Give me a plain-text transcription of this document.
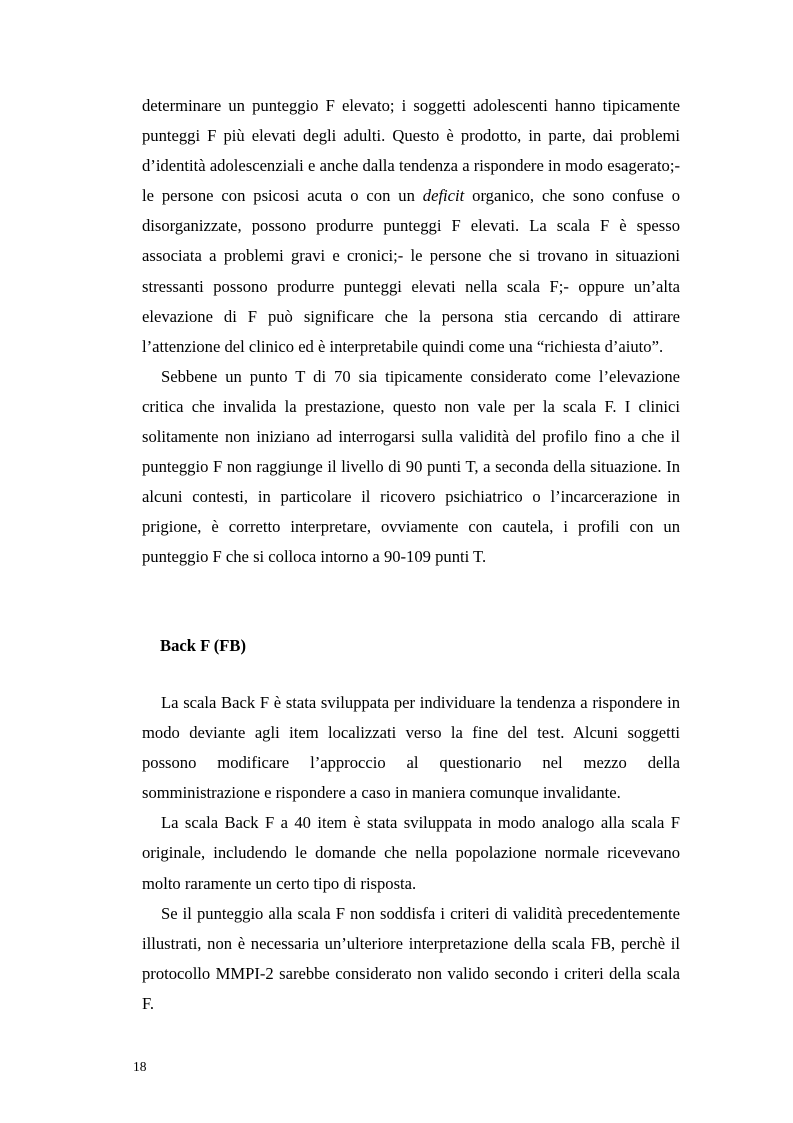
determinare un punteggio F elevato; i soggetti adolescenti hanno tipicamente punteggi F più elevati degli adulti. Questo è prodotto, in parte, dai problemi d’identità adolescenziali e anche dalla tendenza a rispondere in modo esagerato;- le persone con psicosi acuta o con un deficit organico, che sono confuse o disorganizzate, possono produrre punteggi F elevati. La scala F è spesso associata a problemi gravi e cronici;- le persone che si trovano in situazioni stressanti possono produrre punteggi elevati nella scala F;- oppure un’alta elevazione di F può significare che la persona stia cercando di attirare l’attenzione del clinico ed è interpretabile quindi come una “richiesta d’aiuto”.

Sebbene un punto T di 70 sia tipicamente considerato come l’elevazione critica che invalida la prestazione, questo non vale per la scala F. I clinici solitamente non iniziano ad interrogarsi sulla validità del profilo fino a che il punteggio F non raggiunge il livello di 90 punti T, a seconda della situazione. In alcuni contesti, in particolare il ricovero psichiatrico o l’incarcerazione in prigione, è corretto interpretare, ovviamente con cautela, i profili con un punteggio F che si colloca intorno a 90-109 punti T.

Back F (FB)

La scala Back F è stata sviluppata per individuare la tendenza a rispondere in modo deviante agli item localizzati verso la fine del test. Alcuni soggetti possono modificare l’approccio al questionario nel mezzo della somministrazione e rispondere a caso in maniera comunque invalidante.

La scala Back F a 40 item è stata sviluppata in modo analogo alla scala F originale, includendo le domande che nella popolazione normale ricevevano molto raramente un certo tipo di risposta.

Se il punteggio alla scala F non soddisfa i criteri di validità precedentemente illustrati, non è necessaria un’ulteriore interpretazione della scala FB, perchè il protocollo MMPI-2 sarebbe considerato non valido secondo i criteri della scala F.

18
